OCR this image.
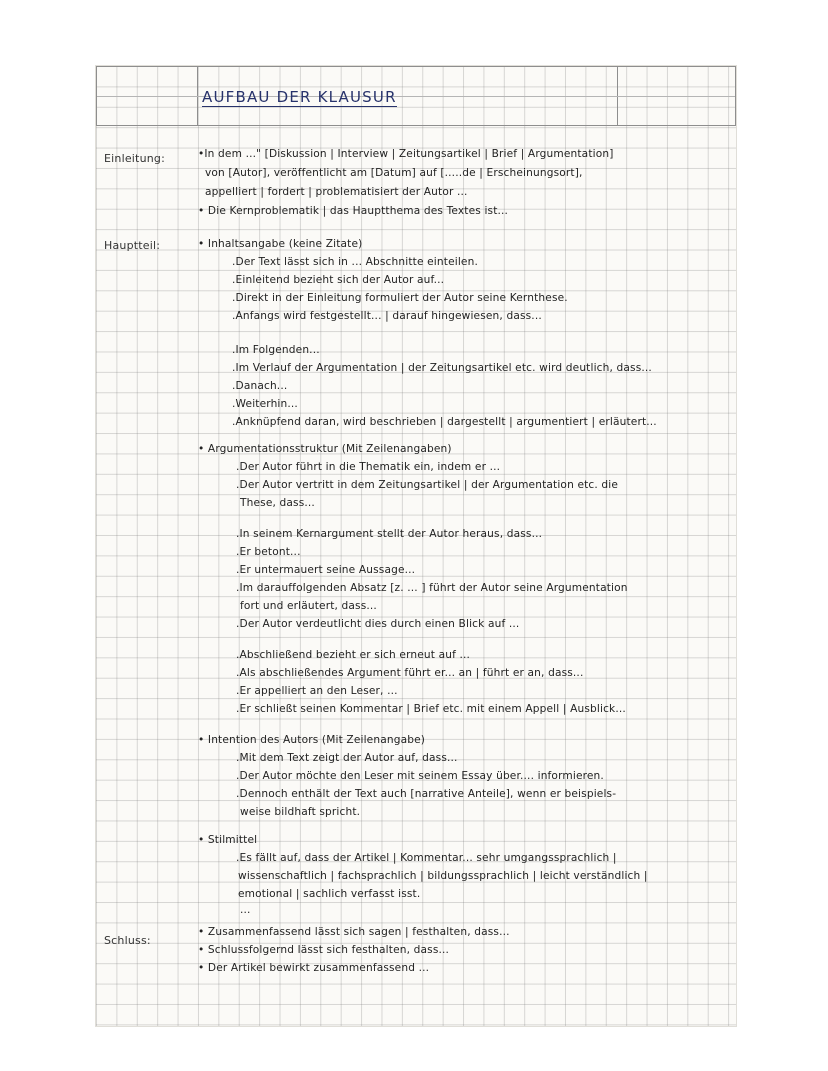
AUFBAU DER KLAUSUR
Einleitung:	•In dem ..." [Diskussion | Interview | Zeitungsartikel | Brief | Argumentation]
von [Autor], veröffentlicht am [Datum] auf [.....de | Erscheinungsort],
appelliert | fordert | problematisiert der Autor ...
• Die Kernproblematik | das Hauptthema des Textes ist...
Hauptteil:	• Inhaltsangabe (keine Zitate)
.Der Text lässt sich in ... Abschnitte einteilen.
.Einleitend bezieht sich der Autor auf...
.Direkt in der Einleitung formuliert der Autor seine Kernthese.
.Anfangs wird festgestellt... | darauf hingewiesen, dass...
.Im Folgenden...
.Im Verlauf der Argumentation | der Zeitungsartikel etc. wird deutlich, dass...
.Danach...
.Weiterhin...
.Anknüpfend daran, wird beschrieben | dargestellt | argumentiert | erläutert...
• Argumentationsstruktur (Mit Zeilenangaben)
.Der Autor führt in die Thematik ein, indem er ...
.Der Autor vertritt in dem Zeitungsartikel | der Argumentation etc. die
These, dass...
.In seinem Kernargument stellt der Autor heraus, dass...
.Er betont...
.Er untermauert seine Aussage...
.Im darauffolgenden Absatz [z. ... ] führt der Autor seine Argumentation
fort und erläutert, dass...
.Der Autor verdeutlicht dies durch einen Blick auf ...
.Abschließend bezieht er sich erneut auf ...
.Als abschließendes Argument führt er... an | führt er an, dass...
.Er appelliert an den Leser, ...
.Er schließt seinen Kommentar | Brief etc. mit einem Appell | Ausblick...
• Intention des Autors (Mit Zeilenangabe)
.Mit dem Text zeigt der Autor auf, dass...
.Der Autor möchte den Leser mit seinem Essay über.... informieren.
.Dennoch enthält der Text auch [narrative Anteile], wenn er beispiels-
weise bildhaft spricht.
• Stilmittel
.Es fällt auf, dass der Artikel | Kommentar... sehr umgangssprachlich |
wissenschaftlich | fachsprachlich | bildungssprachlich | leicht verständlich |
emotional | sachlich verfasst isst.
...
Schluss:
• Zusammenfassend lässt sich sagen | festhalten, dass...
• Schlussfolgernd lässt sich festhalten, dass...
• Der Artikel bewirkt zusammenfassend ...
